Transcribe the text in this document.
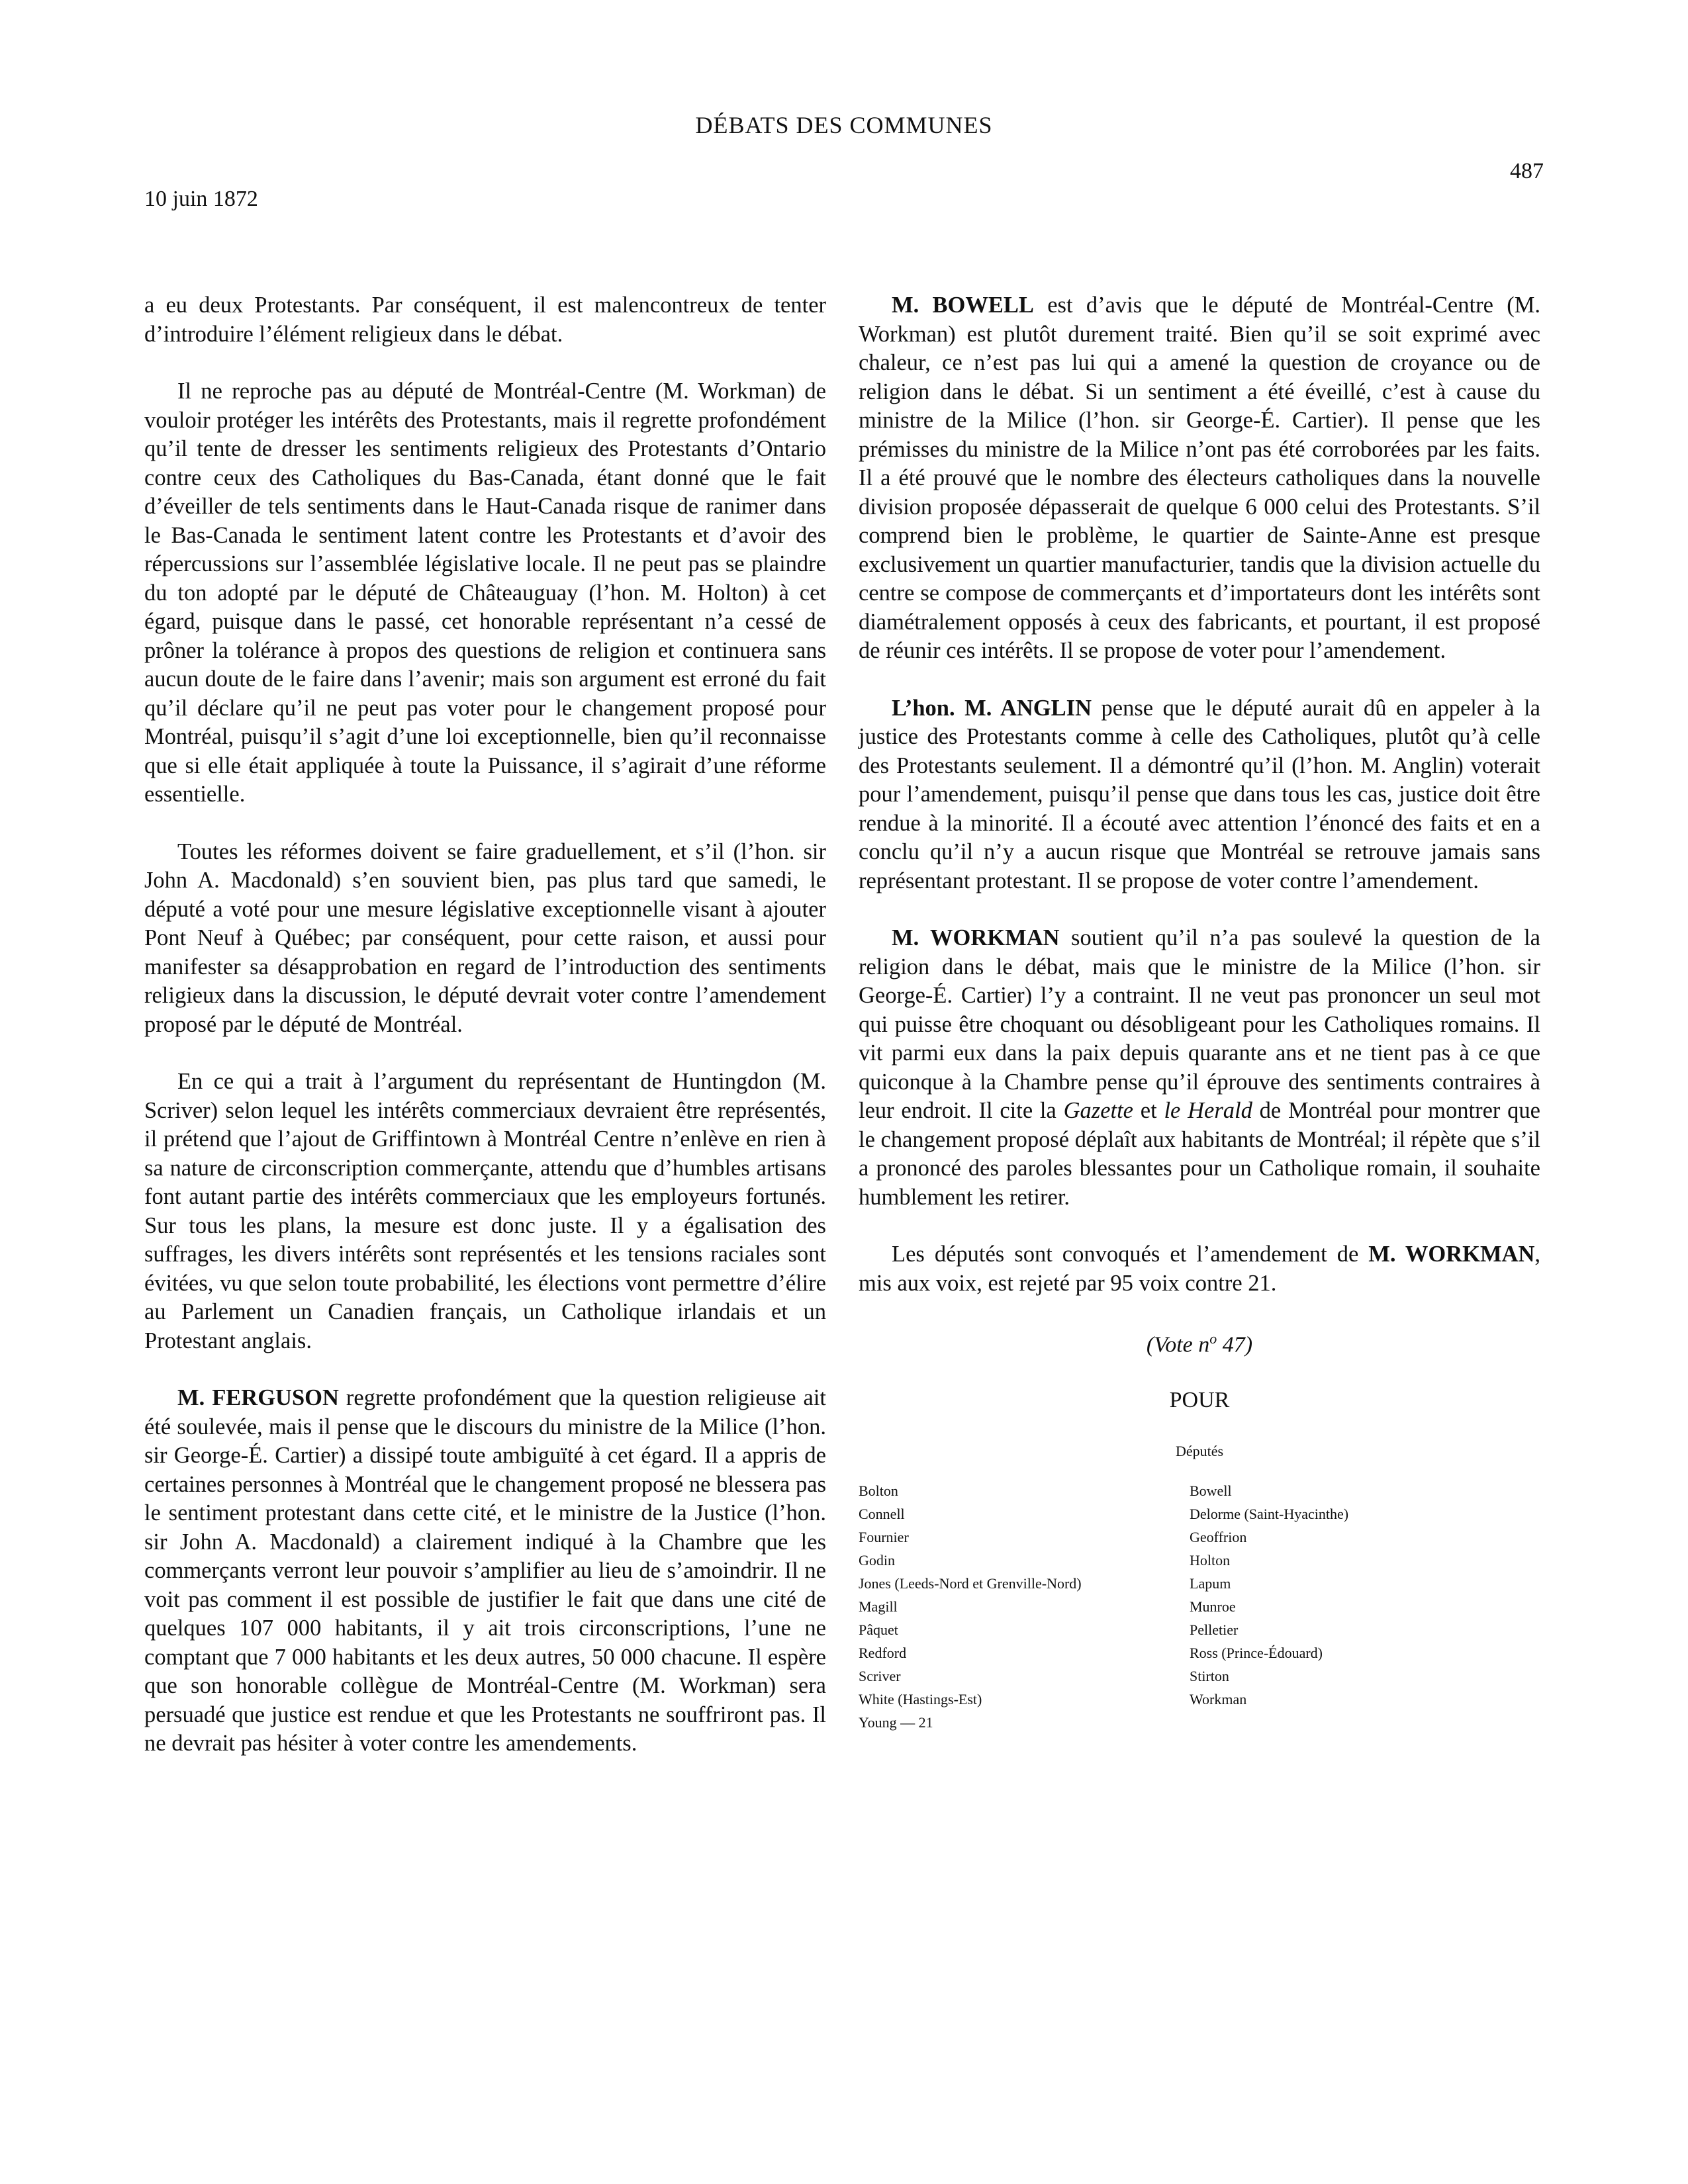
DÉBATS DES COMMUNES
487
10 juin 1872

a eu deux Protestants. Par conséquent, il est malencontreux de tenter d’introduire l’élément religieux dans le débat.

Il ne reproche pas au député de Montréal-Centre (M. Workman) de vouloir protéger les intérêts des Protestants, mais il regrette profondément qu’il tente de dresser les sentiments religieux des Protestants d’Ontario contre ceux des Catholiques du Bas-Canada, étant donné que le fait d’éveiller de tels sentiments dans le Haut-Canada risque de ranimer dans le Bas-Canada le sentiment latent contre les Protestants et d’avoir des répercussions sur l’assemblée législative locale. Il ne peut pas se plaindre du ton adopté par le député de Châteauguay (l’hon. M. Holton) à cet égard, puisque dans le passé, cet honorable représentant n’a cessé de prôner la tolérance à propos des questions de religion et continuera sans aucun doute de le faire dans l’avenir; mais son argument est erroné du fait qu’il déclare qu’il ne peut pas voter pour le changement proposé pour Montréal, puisqu’il s’agit d’une loi exceptionnelle, bien qu’il reconnaisse que si elle était appliquée à toute la Puissance, il s’agirait d’une réforme essentielle.

Toutes les réformes doivent se faire graduellement, et s’il (l’hon. sir John A. Macdonald) s’en souvient bien, pas plus tard que samedi, le député a voté pour une mesure législative exceptionnelle visant à ajouter Pont Neuf à Québec; par conséquent, pour cette raison, et aussi pour manifester sa désapprobation en regard de l’introduction des sentiments religieux dans la discussion, le député devrait voter contre l’amendement proposé par le député de Montréal.

En ce qui a trait à l’argument du représentant de Huntingdon (M. Scriver) selon lequel les intérêts commerciaux devraient être représentés, il prétend que l’ajout de Griffintown à Montréal Centre n’enlève en rien à sa nature de circonscription commerçante, attendu que d’humbles artisans font autant partie des intérêts commerciaux que les employeurs fortunés. Sur tous les plans, la mesure est donc juste. Il y a égalisation des suffrages, les divers intérêts sont représentés et les tensions raciales sont évitées, vu que selon toute probabilité, les élections vont permettre d’élire au Parlement un Canadien français, un Catholique irlandais et un Protestant anglais.

M. FERGUSON regrette profondément que la question religieuse ait été soulevée, mais il pense que le discours du ministre de la Milice (l’hon. sir George-É. Cartier) a dissipé toute ambiguïté à cet égard. Il a appris de certaines personnes à Montréal que le changement proposé ne blessera pas le sentiment protestant dans cette cité, et le ministre de la Justice (l’hon. sir John A. Macdonald) a clairement indiqué à la Chambre que les commerçants verront leur pouvoir s’amplifier au lieu de s’amoindrir. Il ne voit pas comment il est possible de justifier le fait que dans une cité de quelques 107 000 habitants, il y ait trois circonscriptions, l’une ne comptant que 7 000 habitants et les deux autres, 50 000 chacune. Il espère que son honorable collègue de Montréal-Centre (M. Workman) sera persuadé que justice est rendue et que les Protestants ne souffriront pas. Il ne devrait pas hésiter à voter contre les amendements.

M. BOWELL est d’avis que le député de Montréal-Centre (M. Workman) est plutôt durement traité. Bien qu’il se soit exprimé avec chaleur, ce n’est pas lui qui a amené la question de croyance ou de religion dans le débat. Si un sentiment a été éveillé, c’est à cause du ministre de la Milice (l’hon. sir George-É. Cartier). Il pense que les prémisses du ministre de la Milice n’ont pas été corroborées par les faits. Il a été prouvé que le nombre des électeurs catholiques dans la nouvelle division proposée dépasserait de quelque 6 000 celui des Protestants. S’il comprend bien le problème, le quartier de Sainte-Anne est presque exclusivement un quartier manufacturier, tandis que la division actuelle du centre se compose de commerçants et d’importateurs dont les intérêts sont diamétralement opposés à ceux des fabricants, et pourtant, il est proposé de réunir ces intérêts. Il se propose de voter pour l’amendement.

L’hon. M. ANGLIN pense que le député aurait dû en appeler à la justice des Protestants comme à celle des Catholiques, plutôt qu’à celle des Protestants seulement. Il a démontré qu’il (l’hon. M. Anglin) voterait pour l’amendement, puisqu’il pense que dans tous les cas, justice doit être rendue à la minorité. Il a écouté avec attention l’énoncé des faits et en a conclu qu’il n’y a aucun risque que Montréal se retrouve jamais sans représentant protestant. Il se propose de voter contre l’amendement.

M. WORKMAN soutient qu’il n’a pas soulevé la question de la religion dans le débat, mais que le ministre de la Milice (l’hon. sir George-É. Cartier) l’y a contraint. Il ne veut pas prononcer un seul mot qui puisse être choquant ou désobligeant pour les Catholiques romains. Il vit parmi eux dans la paix depuis quarante ans et ne tient pas à ce que quiconque à la Chambre pense qu’il éprouve des sentiments contraires à leur endroit. Il cite la Gazette et le Herald de Montréal pour montrer que le changement proposé déplaît aux habitants de Montréal; il répète que s’il a prononcé des paroles blessantes pour un Catholique romain, il souhaite humblement les retirer.

Les députés sont convoqués et l’amendement de M. WORKMAN, mis aux voix, est rejeté par 95 voix contre 21.

(Vote $n^o$ 47)
POUR
Députés
Bolton
Connell
Fournier
Godin
Jones (Leeds-Nord et Grenville-Nord)
Magill
Pâquet
Redford
Scriver
White (Hastings-Est)
Young — 21
Bowell
Delorme (Saint-Hyacinthe)
Geoffrion
Holton
Lapum
Munroe
Pelletier
Ross (Prince-Édouard)
Stirton
Workman
